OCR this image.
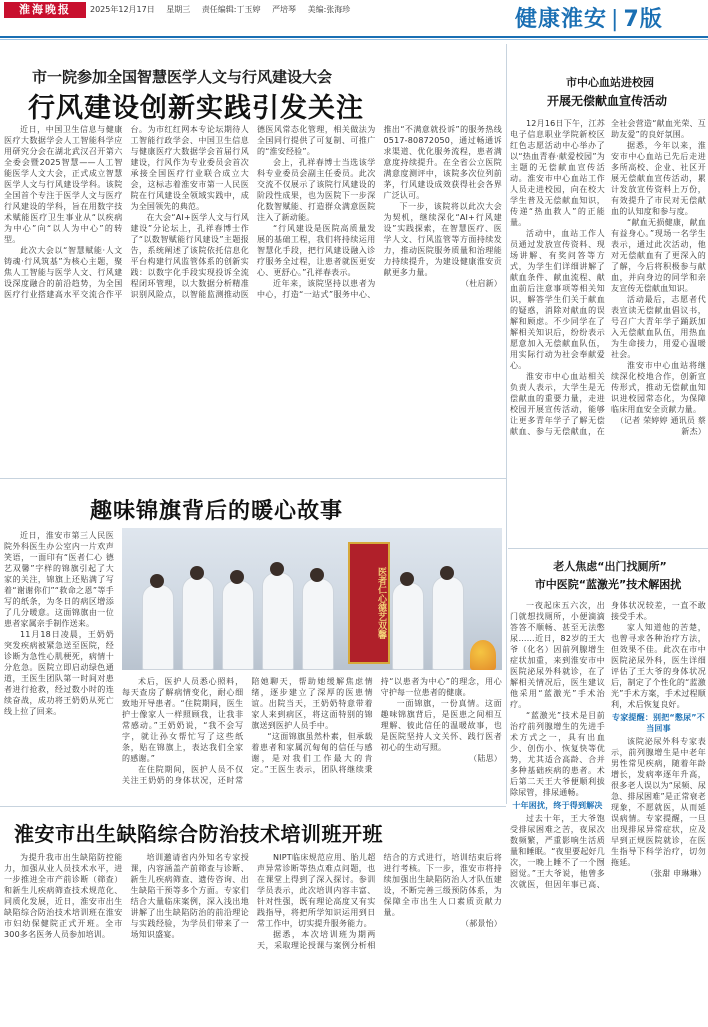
淮海晚报	2025年12月17日 星期三 责任编辑:丁玉婷 严培琴 美编:张海珍	健康淮安 | 7版
市一院参加全国智慧医学人文与行风建设大会
行风建设创新实践引发关注

近日，中国卫生信息与健康医疗大数据学会人工智能科学应用研究分会在湖北武汉召开第六全委会暨2025智慧——人工智能医学人文大会，正式成立智慧医学人文与行风建设学科。该院全国首个专注于医学人文与医疗行风建设的学科，旨在用数字技术赋能医疗卫生事业从“以疾病为中心”向“以人为中心”的转型。

此次大会以“智慧赋能·人文铸魂·行风筑基”为核心主题，聚焦人工智能与医学人文、行风建设深度融合的前沿趋势，为全国医疗行业搭建高水平交流合作平台。为市红红网本专论坛期待人工智能行政学会、中国卫生信息与健康医疗大数据学会首届行风建设，行风作为专业委员会首次承接全国医疗行业联合成立大会，这标志着淮安市第一人民医院在行风建设全领域实践中，成为全国领先的典范。

在大会“AI+医学人文与行风建设”分论坛上，孔祥春博士作了“以数智赋能行风建设”主题报告，系统阐述了该院依托信息化平台构建行风监管体系的创新实践：以数字化手段实现投诉全流程闭环管理，以大数据分析精准识别风险点，以智能监测推动医德医风常态化管理，相关做法为全国同行提供了可复制、可推广的“淮安经验”。

会上，孔祥春博士当选该学科专业委员会副主任委员。此次交流不仅展示了该院行风建设的阶段性成果，也为医院下一步深化数智赋能、打造群众满意医院注入了新动能。

“行风建设是医院高质量发展的基础工程，我们将持续运用智慧化手段，把行风建设融入诊疗服务全过程，让患者就医更安心、更舒心。”孔祥春表示。

近年来，该院坚持以患者为中心，打造“一站式”服务中心、推出“不满意就投诉”的服务热线0517-80872050，通过畅通诉求渠道、优化服务流程，患者满意度持续提升。在全省公立医院满意度测评中，该院多次位列前茅，行风建设成效获得社会各界广泛认可。

下一步，该院将以此次大会为契机，继续深化“AI+行风建设”实践探索，在智慧医疗、医学人文、行风监管等方面持续发力，推动医院服务质量和治理能力持续提升，为建设健康淮安贡献更多力量。

（杜启新）

市中心血站进校园
开展无偿献血宣传活动

12月16日下午，江苏电子信息职业学院新校区红色志愿活动中心举办了以“热血青春·献爱校园”为主题的无偿献血宣传活动。淮安市中心血站工作人员走进校园，向在校大学生普及无偿献血知识，传递“热血救人”的正能量。

活动中，血站工作人员通过发放宣传资料、现场讲解、有奖问答等方式，为学生们详细讲解了献血条件、献血流程、献血前后注意事项等相关知识，解答学生们关于献血的疑惑，消除对献血的误解和顾虑。不少同学在了解相关知识后，纷纷表示愿意加入无偿献血队伍，用实际行动为社会奉献爱心。

淮安市中心血站相关负责人表示，大学生是无偿献血的重要力量，走进校园开展宣传活动，能够让更多青年学子了解无偿献血、参与无偿献血，在全社会营造“献血光荣、互助友爱”的良好氛围。

据悉，今年以来，淮安市中心血站已先后走进多所高校、企业、社区开展无偿献血宣传活动，累计发放宣传资料上万份，有效提升了市民对无偿献血的认知度和参与度。

“献血无损健康，献血有益身心。”现场一名学生表示，通过此次活动，他对无偿献血有了更深入的了解，今后将积极参与献血，并向身边的同学和亲友宣传无偿献血知识。

活动最后，志愿者代表宣读无偿献血倡议书，号召广大青年学子踊跃加入无偿献血队伍，用热血为生命接力，用爱心温暖社会。

淮安市中心血站将继续深化校地合作，创新宣传形式，推动无偿献血知识进校园常态化，为保障临床用血安全贡献力量。

（记者 荣婷婷 通讯员 蔡新杰）

趣味锦旗背后的暖心故事

近日，淮安市第三人民医院外科医生办公室内一片欢声笑语，一面印有“医者仁心 德艺双馨”字样的锦旗引起了大家的关注，锦旗上还贴满了写着“谢谢你们”“救命之恩”等手写的纸条，为冬日的病区增添了几分暖意。这面锦旗由一位患者家属亲手制作送来。

11月18日凌晨，王奶奶突发疾病被紧急送至医院，经诊断为急性心肌梗死，病情十分危急。医院立即启动绿色通道，王医生团队第一时间对患者进行抢救，经过数小时的连续奋战，成功将王奶奶从死亡线上拉了回来。

医者仁心德艺双馨

术后，医护人员悉心照料，每天查房了解病情变化，耐心细致地开导患者。“住院期间，医生护士像家人一样照顾我，让我非常感动。”王奶奶说，“我不会写字，就让孙女帮忙写了这些纸条，贴在锦旗上，表达我们全家的感谢。”

在住院期间，医护人员不仅关注王奶奶的身体状况，还时常陪她聊天，帮助她缓解焦虑情绪，逐步建立了深厚的医患情谊。出院当天，王奶奶特意带着家人来到病区，将这面特别的锦旗送到医护人员手中。

“这面锦旗虽然朴素，但承载着患者和家属沉甸甸的信任与感谢，是对我们工作最大的肯定。”王医生表示，团队将继续秉持“以患者为中心”的理念，用心守护每一位患者的健康。

一面锦旗，一份真情。这面趣味锦旗背后，是医患之间相互理解、彼此信任的温暖故事，也是医院坚持人文关怀、践行医者初心的生动写照。

（陆思）

老人焦虑“出门找厕所”
市中医院“蓝激光”技术解困扰

一夜起床五六次，出门就想找厕所，小便滴滴答答不顺畅、甚至无法憋尿……近日，82岁的王大爷（化名）因前列腺增生症状加重，来到淮安市中医院泌尿外科就诊，在了解相关情况后，医生建议他采用“蓝激光”手术治疗。

“蓝激光”技术是目前治疗前列腺增生的先进手术方式之一，具有出血少、创伤小、恢复快等优势，尤其适合高龄、合并多种基础疾病的患者。术后第二天王大爷便顺利拔除尿管，排尿通畅。

十年困扰，终于得到解决

过去十年，王大爷饱受排尿困难之苦，夜尿次数频繁，严重影响生活质量和睡眠。“夜里要起好几次，一晚上睡不了一个囫囵觉。”王大爷说，他曾多次就医，但因年事已高、身体状况较差，一直不敢接受手术。

家人知道他的苦楚，也曾寻求各种治疗方法，但效果不佳。此次在市中医院泌尿外科，医生详细评估了王大爷的身体状况后，制定了个性化的“蓝激光”手术方案，手术过程顺利，术后恢复良好。

专家提醒：别把“憋尿”不当回事

该院泌尿外科专家表示，前列腺增生是中老年男性常见疾病，随着年龄增长，发病率逐年升高，很多老人误以为“尿频、尿急、排尿困难”是正常衰老现象，不愿就医，从而延误病情。专家提醒，一旦出现排尿异常症状，应及早到正规医院就诊，在医生指导下科学治疗，切勿拖延。

（张甜 申琳琳）

淮安市出生缺陷综合防治技术培训班开班

为提升我市出生缺陷防控能力，加强从业人员技术水平，进一步推进全市产前诊断（筛查）和新生儿疾病筛查技术规范化、同质化发展，近日，淮安市出生缺陷综合防治技术培训班在淮安市妇幼保健院正式开班。全市300多名医务人员参加培训。

培训邀请省内外知名专家授课，内容涵盖产前筛查与诊断、新生儿疾病筛查、遗传咨询、出生缺陷干预等多个方面。专家们结合大量临床案例，深入浅出地讲解了出生缺陷防治的前沿理论与实践经验，为学员们带来了一场知识盛宴。

NIPT临床规范应用、胎儿超声异常诊断等热点难点问题，也在课堂上得到了深入探讨。参训学员表示，此次培训内容丰富、针对性强，既有理论高度又有实践指导，将把所学知识运用到日常工作中，切实提升服务能力。

据悉，本次培训班为期两天，采取理论授课与案例分析相结合的方式进行，培训结束后将进行考核。下一步，淮安市将持续加强出生缺陷防治人才队伍建设，不断完善三级预防体系，为保障全市出生人口素质贡献力量。

（郝景怡）
